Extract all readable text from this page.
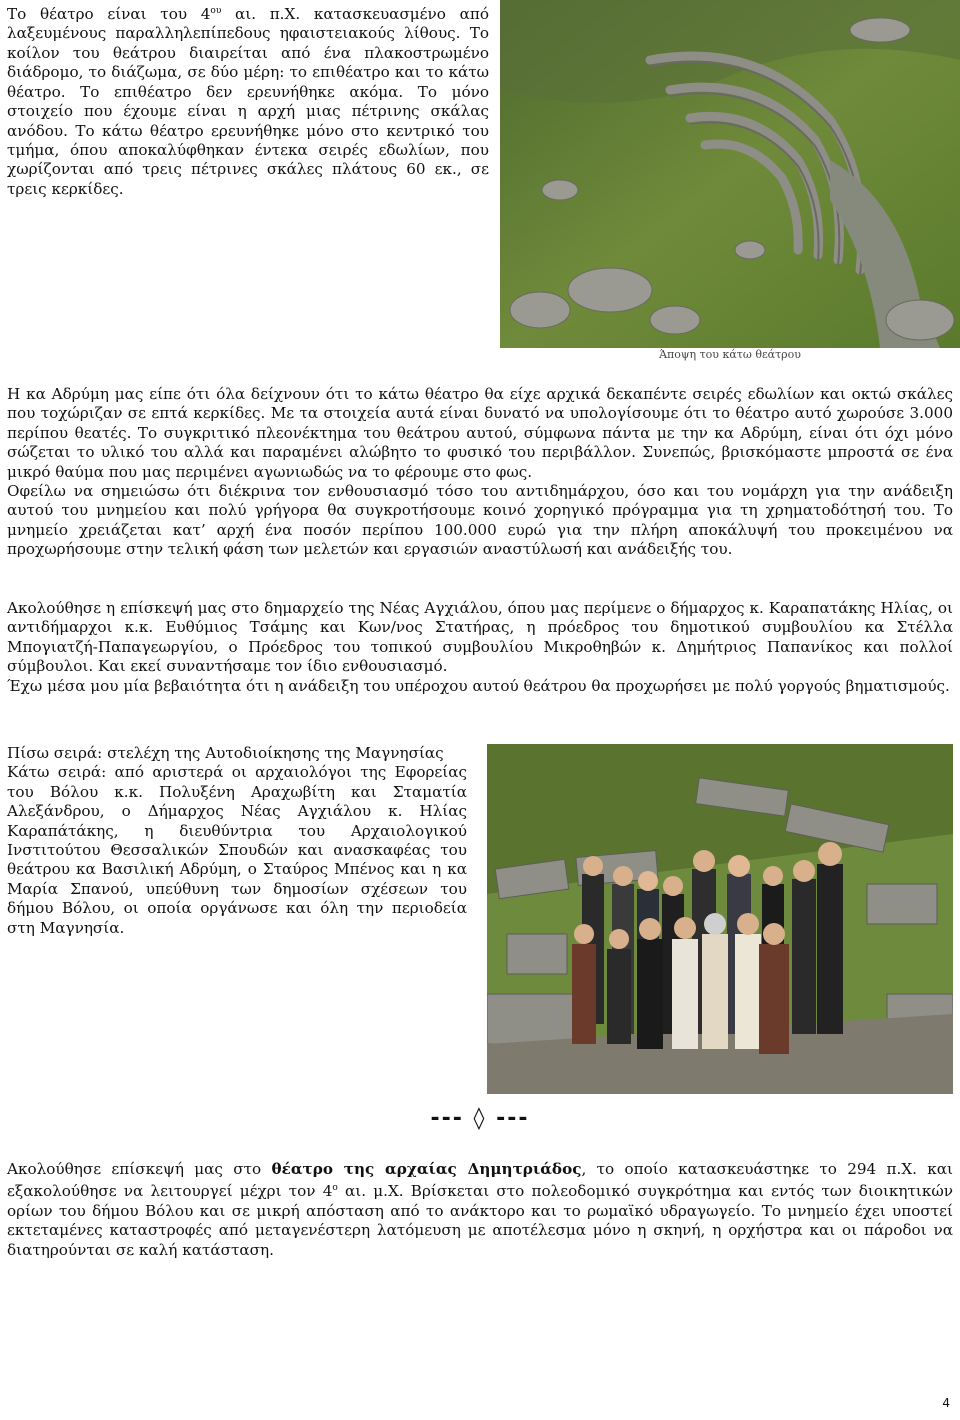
Το θέατρο είναι του $4^{o\upsilon}$ αι. π.Χ. κατασκευασμένο από λαξευμένους παραλληλεπίπεδους ηφαιστειακούς λίθους. Το κοίλον του θεάτρου διαιρείται από ένα πλακοστρωμένο διάδρομο, το διάζωμα, σε δύο μέρη: το επιθέατρο και το κάτω θέατρο. Το επιθέατρο δεν ερευνήθηκε ακόμα. Το μόνο στοιχείο που έχουμε είναι η αρχή μιας πέτρινης σκάλας ανόδου. Το κάτω θέατρο ερευνήθηκε μόνο στο κεντρικό του τμήμα, όπου αποκαλύφθηκαν έντεκα σειρές εδωλίων, που χωρίζονται από τρεις πέτρινες σκάλες πλάτους 60 εκ., σε τρεις κερκίδες.
Άποψη του κάτω θεάτρου

Η κα Αδρύμη μας είπε ότι όλα δείχνουν ότι το κάτω θέατρο θα είχε αρχικά δεκαπέντε σειρές εδωλίων και οκτώ σκάλες που τοχώριζαν σε επτά κερκίδες. Με τα στοιχεία αυτά είναι δυνατό να υπολογίσουμε ότι το θέατρο αυτό χωρούσε 3.000 περίπου θεατές. Το συγκριτικό πλεονέκτημα του θεάτρου αυτού, σύμφωνα πάντα με την κα Αδρύμη, είναι ότι όχι μόνο σώζεται το υλικό του αλλά και παραμένει αλώβητο το φυσικό του περιβάλλον. Συνεπώς, βρισκόμαστε μπροστά σε ένα μικρό θαύμα που μας περιμένει αγωνιωδώς να το φέρουμε στο φως.

Οφείλω να σημειώσω ότι διέκρινα τον ενθουσιασμό τόσο του αντιδημάρχου, όσο και του νομάρχη για την ανάδειξη αυτού του μνημείου και πολύ γρήγορα θα συγκροτήσουμε κοινό χορηγικό πρόγραμμα για τη χρηματοδότησή του. Το μνημείο χρειάζεται κατ’ αρχή ένα ποσόν περίπου 100.000 ευρώ για την πλήρη αποκάλυψή του προκειμένου να προχωρήσουμε στην τελική φάση των μελετών και εργασιών αναστύλωσή και ανάδειξής του.

Ακολούθησε η επίσκεψή μας στο δημαρχείο της Νέας Αγχιάλου, όπου μας περίμενε ο δήμαρχος κ. Καραπατάκης Ηλίας, οι αντιδήμαρχοι κ.κ. Ευθύμιος Τσάμης και Κων/νος Στατήρας, η πρόεδρος του δημοτικού συμβουλίου κα Στέλλα Μπογιατζή-Παπαγεωργίου, ο Πρόεδρος του τοπικού συμβουλίου Μικροθηβών κ. Δημήτριος Παπανίκος και πολλοί σύμβουλοι. Και εκεί συναντήσαμε τον ίδιο ενθουσιασμό.

Έχω μέσα μου μία βεβαιότητα ότι η ανάδειξη του υπέροχου αυτού θεάτρου θα προχωρήσει με πολύ γοργούς βηματισμούς.

Πίσω σειρά: στελέχη της Αυτοδιοίκησης της Μαγνησίας

Κάτω σειρά: από αριστερά οι αρχαιολόγοι της Εφορείας του Βόλου κ.κ. Πολυξένη Αραχωβίτη και Σταματία Αλεξάνδρου, ο Δήμαρχος Νέας Αγχιάλου κ. Ηλίας Καραπάτάκης, η διευθύντρια του Αρχαιολογικού Ινστιτούτου Θεσσαλικών Σπουδών και ανασκαφέας του θεάτρου κα Βασιλική Αδρύμη, ο Σταύρος Μπένος και η κα Μαρία Σπανού, υπεύθυνη των δημοσίων σχέσεων του δήμου Βόλου, οι οποία οργάνωσε και όλη την περιοδεία στη Μαγνησία.

--- ◊ ---
Ακολούθησε επίσκεψή μας στο θέατρο της αρχαίας Δημητριάδος, το οποίο κατασκευάστηκε το 294 π.Χ. και εξακολούθησε να λειτουργεί μέχρι τον $4^o$ αι. μ.Χ. Βρίσκεται στο πολεοδομικό συγκρότημα και εντός των διοικητικών ορίων του δήμου Βόλου και σε μικρή απόσταση από το ανάκτορο και το ρωμαϊκό υδραγωγείο. Το μνημείο έχει υποστεί εκτεταμένες καταστροφές από μεταγενέστερη λατόμευση με αποτέλεσμα μόνο η σκηνή, η ορχήστρα και οι πάροδοι να διατηρούνται σε καλή κατάσταση.
4
